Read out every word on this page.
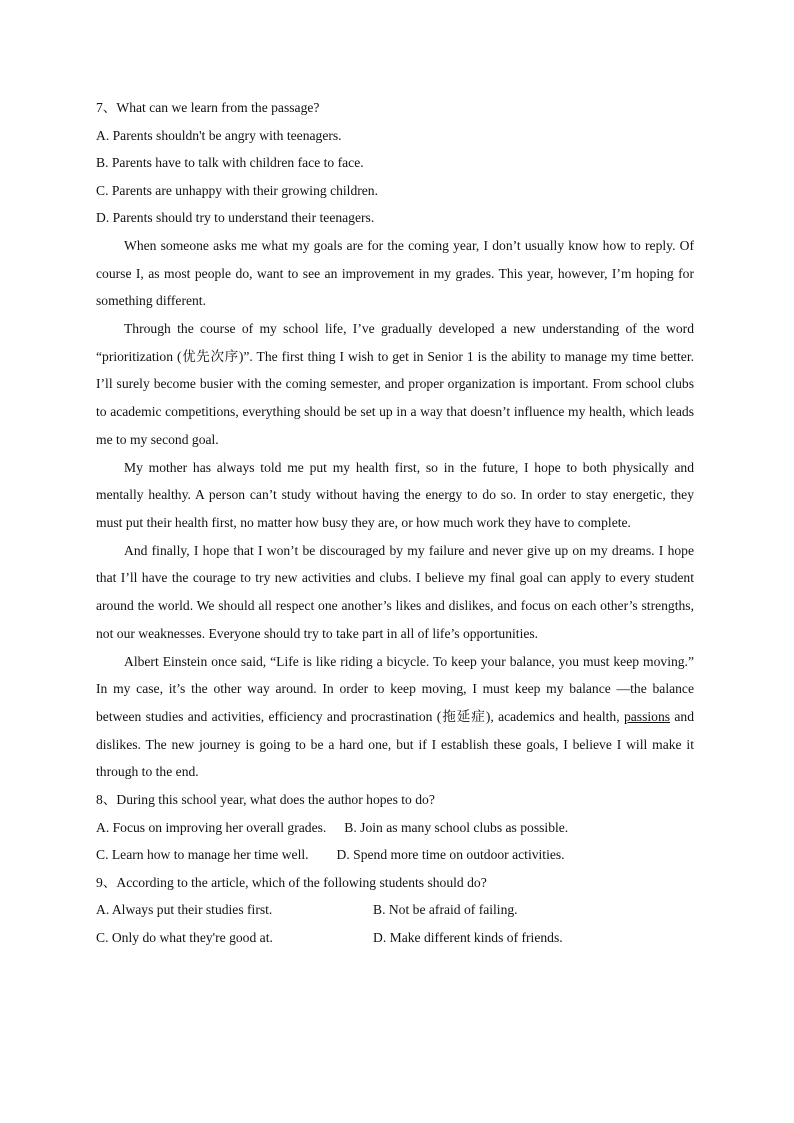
7、What can we learn from the passage?
A. Parents shouldn't be angry with teenagers.
B. Parents have to talk with children face to face.
C. Parents are unhappy with their growing children.
D. Parents should try to understand their teenagers.

When someone asks me what my goals are for the coming year, I don’t usually know how to reply. Of course I, as most people do, want to see an improvement in my grades. This year, however, I’m hoping for something different.

Through the course of my school life, I’ve gradually developed a new understanding of the word “prioritization (优先次序)”. The first thing I wish to get in Senior 1 is the ability to manage my time better. I’ll surely become busier with the coming semester, and proper organization is important. From school clubs to academic competitions, everything should be set up in a way that doesn’t influence my health, which leads me to my second goal.

My mother has always told me put my health first, so in the future, I hope to both physically and mentally healthy. A person can’t study without having the energy to do so. In order to stay energetic, they must put their health first, no matter how busy they are, or how much work they have to complete.

And finally, I hope that I won’t be discouraged by my failure and never give up on my dreams. I hope that I’ll have the courage to try new activities and clubs. I believe my final goal can apply to every student around the world. We should all respect one another’s likes and dislikes, and focus on each other’s strengths, not our weaknesses. Everyone should try to take part in all of life’s opportunities.

Albert Einstein once said, “Life is like riding a bicycle. To keep your balance, you must keep moving.” In my case, it’s the other way around. In order to keep moving, I must keep my balance —the balance between studies and activities, efficiency and procrastination (拖延症), academics and health, passions and dislikes. The new journey is going to be a hard one, but if I establish these goals, I believe I will make it through to the end.

8、During this school year, what does the author hopes to do?
A. Focus on improving her overall grades. B. Join as many school clubs as possible.
C. Learn how to manage her time well. D. Spend more time on outdoor activities.
9、According to the article, which of the following students should do?
A. Always put their studies first.	B. Not be afraid of failing.
C. Only do what they're good at.	D. Make different kinds of friends.
